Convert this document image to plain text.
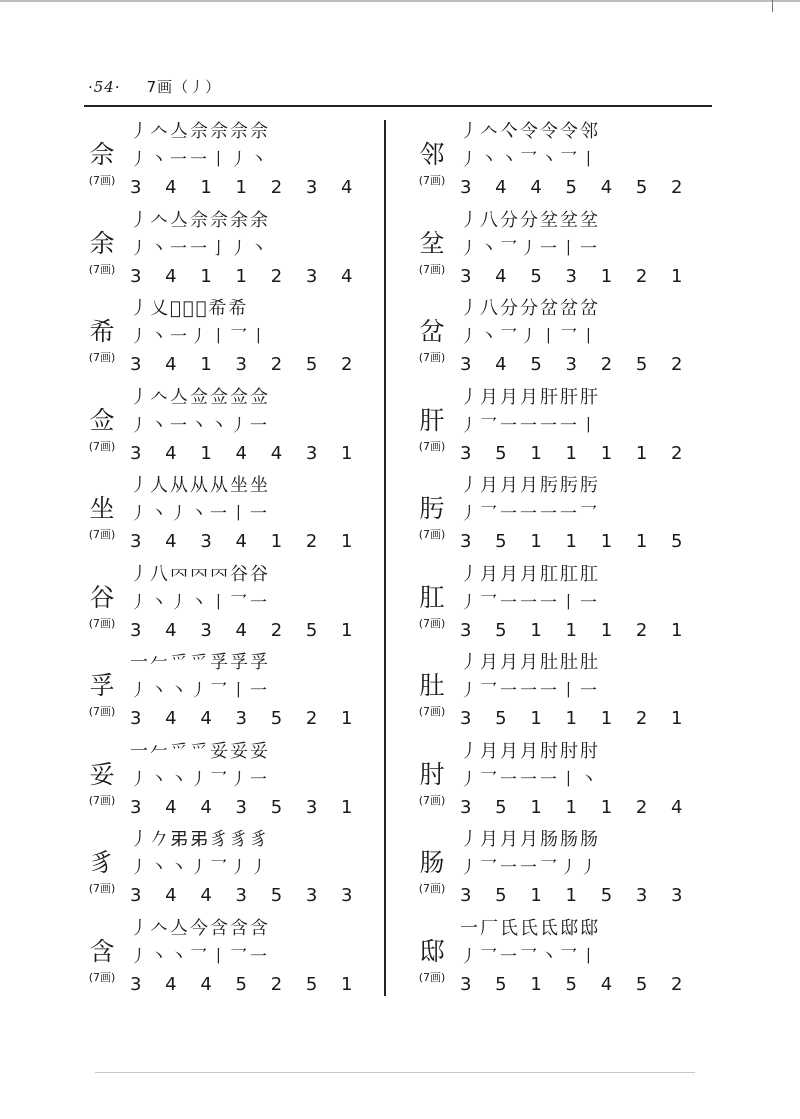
·54· 7画（丿）
佘
(7画)
丿𠆢亼佘佘佘佘
丿丶一一丨丿丶
3 4 1 1 2 3 4
余
(7画)
丿𠆢亼佘佘余余
丿丶一一亅丿丶
3 4 1 1 2 3 4
希
(7画)
丿乂𠂭𠂭𢁫希希
丿丶一丿丨乛丨
3 4 1 3 2 5 2
佥
(7画)
丿𠆢亼佥佥佥佥
丿丶一丶丶丿一
3 4 1 4 4 3 1
坐
(7画)
丿人从从从坐坐
丿丶丿丶一丨一
3 4 3 4 1 2 1
谷
(7画)
丿八𠔿𠔿𠔿谷谷
丿丶丿丶丨乛一
3 4 3 4 2 5 1
孚
(7画)
一𠂉爫爫孚孚孚
丿丶丶丿乛丨一
3 4 4 3 5 2 1
妥
(7画)
一𠂉爫爫妥妥妥
丿丶丶丿乛丿一
3 4 4 3 5 3 1
豸
(7画)
丿𠂊𢎨𢎨豸豸豸
丿丶丶丿乛丿丿
3 4 4 3 5 3 3
含
(7画)
丿𠆢亼今含含含
丿丶丶乛丨乛一
3 4 4 5 2 5 1
邻
(7画)
丿𠆢亽令令令邻
丿丶丶乛丶乛丨
3 4 4 5 4 5 2
坌
(7画)
丿八分分坌坌坌
丿丶乛丿一丨一
3 4 5 3 1 2 1
岔
(7画)
丿八分分岔岔岔
丿丶乛丿丨乛丨
3 4 5 3 2 5 2
肝
(7画)
丿月月月肝肝肝
丿乛一一一一丨
3 5 1 1 1 1 2
肟
(7画)
丿月月月肟肟肟
丿乛一一一一乛
3 5 1 1 1 1 5
肛
(7画)
丿月月月肛肛肛
丿乛一一一丨一
3 5 1 1 1 2 1
肚
(7画)
丿月月月肚肚肚
丿乛一一一丨一
3 5 1 1 1 2 1
肘
(7画)
丿月月月肘肘肘
丿乛一一一丨丶
3 5 1 1 1 2 4
肠
(7画)
丿月月月肠肠肠
丿乛一一乛丿丿
3 5 1 1 5 3 3
邸
(7画)
一厂氏氏氐邸邸
丿乛一乛丶乛丨
3 5 1 5 4 5 2
